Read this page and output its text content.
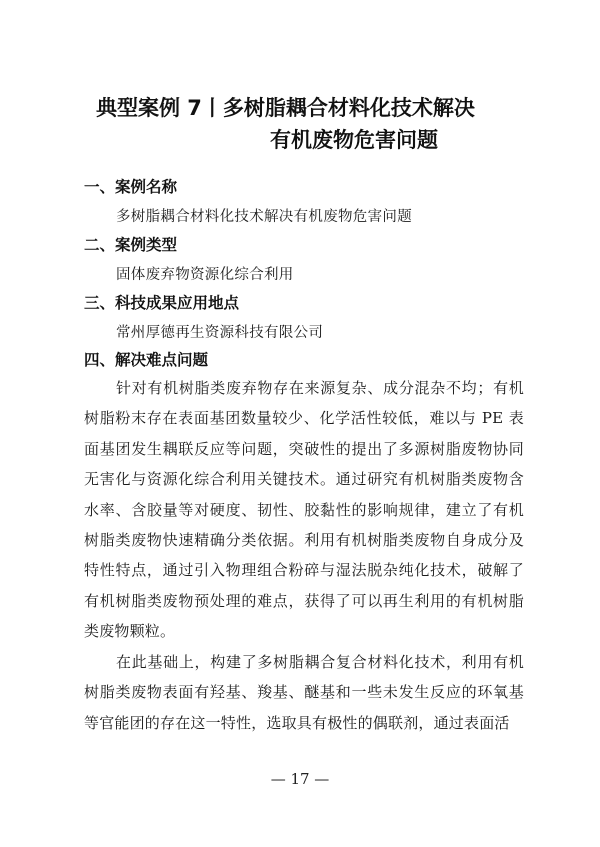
典型案例 7丨多树脂耦合材料化技术解决
有机废物危害问题

一、案例名称

多树脂耦合材料化技术解决有机废物危害问题

二、案例类型

固体废弃物资源化综合利用

三、科技成果应用地点

常州厚德再生资源科技有限公司

四、解决难点问题

针对有机树脂类废弃物存在来源复杂、成分混杂不均；有机树脂粉末存在表面基团数量较少、化学活性较低，难以与 PE 表面基团发生耦联反应等问题，突破性的提出了多源树脂废物协同无害化与资源化综合利用关键技术。通过研究有机树脂类废物含水率、含胶量等对硬度、韧性、胶黏性的影响规律，建立了有机树脂类废物快速精确分类依据。利用有机树脂类废物自身成分及特性特点，通过引入物理组合粉碎与湿法脱杂纯化技术，破解了有机树脂类废物预处理的难点，获得了可以再生利用的有机树脂类废物颗粒。

在此基础上，构建了多树脂耦合复合材料化技术，利用有机树脂类废物表面有羟基、羧基、醚基和一些未发生反应的环氧基等官能团的存在这一特性，选取具有极性的偶联剂，通过表面活

— 17 —
